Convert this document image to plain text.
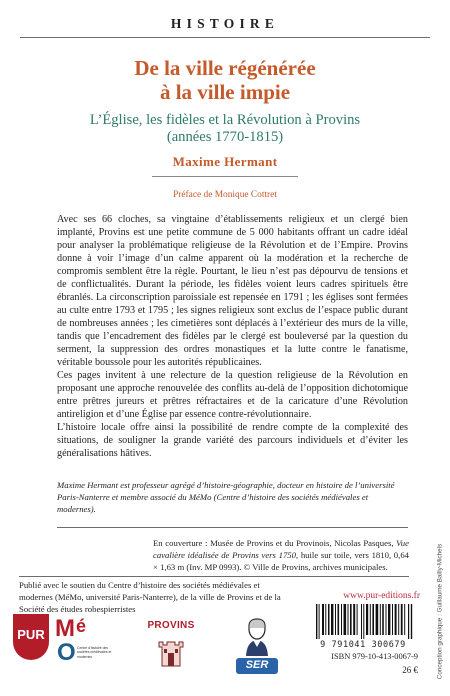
HISTOIRE
De la ville régénérée
à la ville impie
L’Église, les fidèles et la Révolution à Provins
(années 1770-1815)
Maxime Hermant
Préface de Monique Cottret

Avec ses 66 cloches, sa vingtaine d’établissements religieux et un clergé bien implanté, Provins est une petite commune de 5 000 habitants offrant un cadre idéal pour analyser la problématique religieuse de la Révolution et de l’Empire. Provins donne à voir l’image d’un calme apparent où la modération et la recherche de compromis semblent être la règle. Pourtant, le lieu n’est pas dépourvu de tensions et de conflictualités. Durant la période, les fidèles voient leurs cadres spirituels être ébranlés. La circonscription paroissiale est repensée en 1791 ; les églises sont fermées au culte entre 1793 et 1795 ; les signes religieux sont exclus de l’espace public durant de nombreuses années ; les cimetières sont déplacés à l’extérieur des murs de la ville, tandis que l’encadrement des fidèles par le clergé est bouleversé par la question du serment, la suppression des ordres monastiques et la lutte contre le fanatisme, véritable boussole pour les autorités républicaines.

Ces pages invitent à une relecture de la question religieuse de la Révolution en proposant une approche renouvelée des conflits au-delà de l’opposition dichotomique entre prêtres jureurs et prêtres réfractaires et de la caricature d’une Révolution antireligion et d’une Église par essence contre-révolutionnaire.

L’histoire locale offre ainsi la possibilité de rendre compte de la complexité des situations, de souligner la grande variété des parcours individuels et d’éviter les généralisations hâtives.

Maxime Hermant est professeur agrégé d’histoire-géographie, docteur en histoire de l’université Paris-Nanterre et membre associé du MéMo (Centre d’histoire des sociétés médiévales et modernes).
En couverture : Musée de Provins et du Provinois, Nicolas Pasques, Vue cavalière idéalisée de Provins vers 1750, huile sur toile, vers 1810, 0,64 × 1,63 m (Inv. MP 0993). © Ville de Provins, archives municipales.
Publié avec le soutien du Centre d’histoire des sociétés médiévales et modernes (MéMo, université Paris-Nanterre), de la ville de Provins et de la Société des études robespierristes
PUR M é
O Centre d’histoire des sociétés médiévales et modernes
PROVINS
SER
www.pur-editions.fr
9 791041 300679
ISBN 979-10-413-0067-9
26 €	Conception graphique : Guillaume Bailly-Michels
